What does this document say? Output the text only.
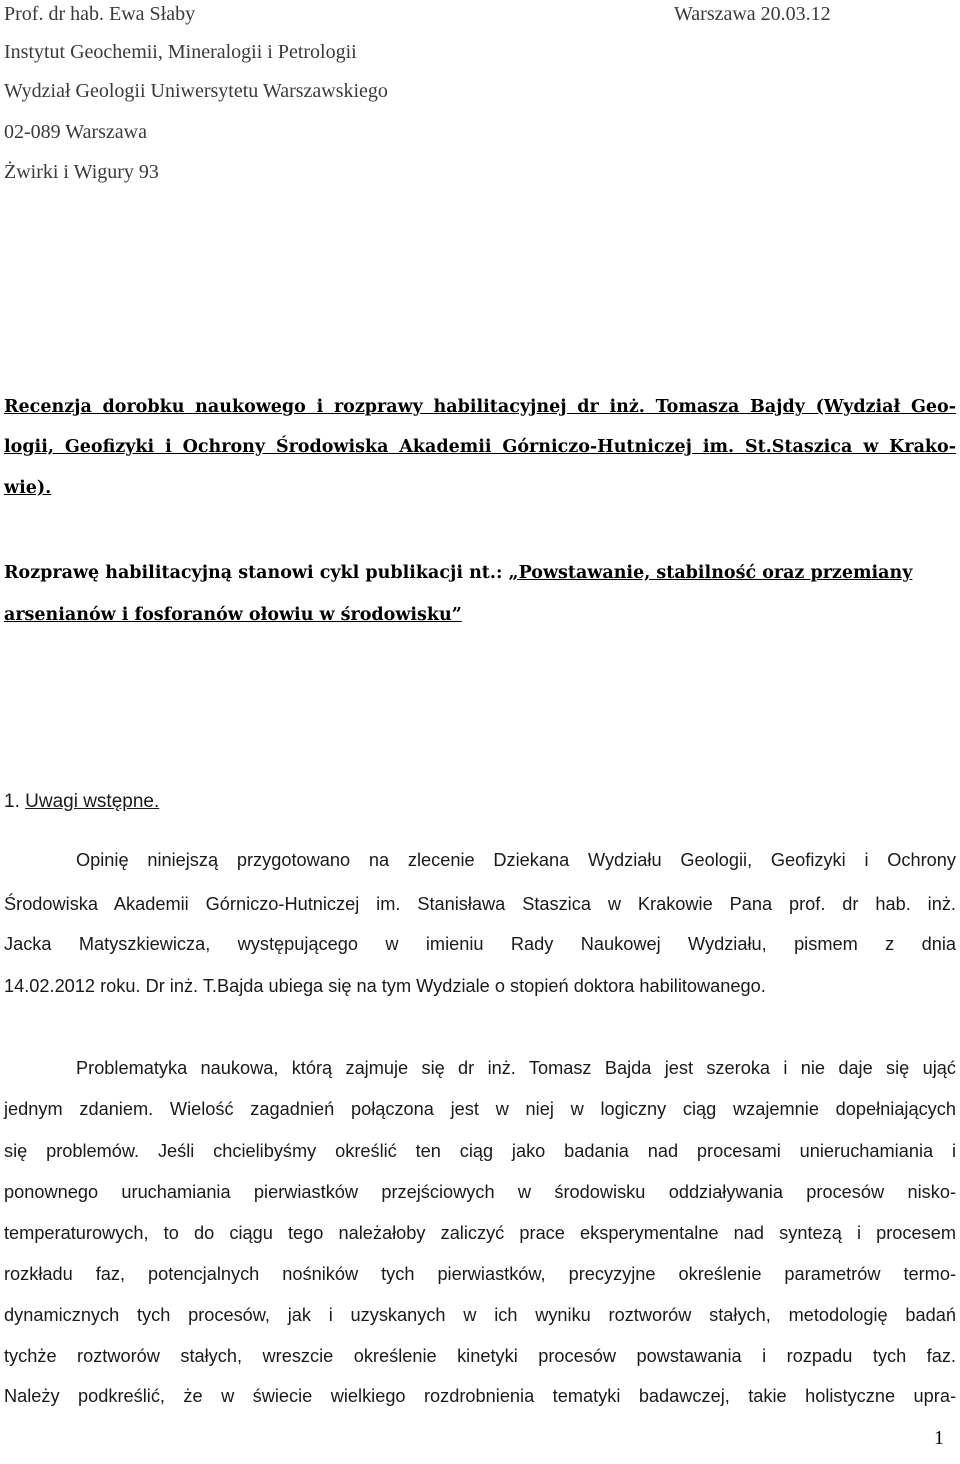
Prof. dr hab. Ewa Słaby	Warszawa 20.03.12
Instytut Geochemii, Mineralogii i Petrologii
Wydział Geologii Uniwersytetu Warszawskiego
02-089 Warszawa
Żwirki i Wigury 93
Recenzja dorobku naukowego i rozprawy habilitacyjnej dr inż. Tomasza Bajdy (Wydział Geo-
logii, Geofizyki i Ochrony Środowiska Akademii Górniczo-Hutniczej im. St.Staszica w Krako-
wie).
Rozprawę habilitacyjną stanowi cykl publikacji nt.: „Powstawanie, stabilność oraz przemiany
arsenianów i fosforanów ołowiu w środowisku”
1. Uwagi wstępne.
Opinię niniejszą przygotowano na zlecenie Dziekana Wydziału Geologii, Geofizyki i Ochrony
Środowiska Akademii Górniczo-Hutniczej im. Stanisława Staszica w Krakowie Pana prof. dr hab. inż.
Jacka Matyszkiewicza, występującego w imieniu Rady Naukowej Wydziału, pismem z dnia
14.02.2012 roku. Dr inż. T.Bajda ubiega się na tym Wydziale o stopień doktora habilitowanego.
Problematyka naukowa, którą zajmuje się dr inż. Tomasz Bajda jest szeroka i nie daje się ująć
jednym zdaniem. Wielość zagadnień połączona jest w niej w logiczny ciąg wzajemnie dopełniających
się problemów. Jeśli chcielibyśmy określić ten ciąg jako badania nad procesami unieruchamiania i
ponownego uruchamiania pierwiastków przejściowych w środowisku oddziaływania procesów nisko-
temperaturowych, to do ciągu tego należałoby zaliczyć prace eksperymentalne nad syntezą i procesem
rozkładu faz, potencjalnych nośników tych pierwiastków, precyzyjne określenie parametrów termo-
dynamicznych tych procesów, jak i uzyskanych w ich wyniku roztworów stałych, metodologię badań
tychże roztworów stałych, wreszcie określenie kinetyki procesów powstawania i rozpadu tych faz.
Należy podkreślić, że w świecie wielkiego rozdrobnienia tematyki badawczej, takie holistyczne upra-
1
